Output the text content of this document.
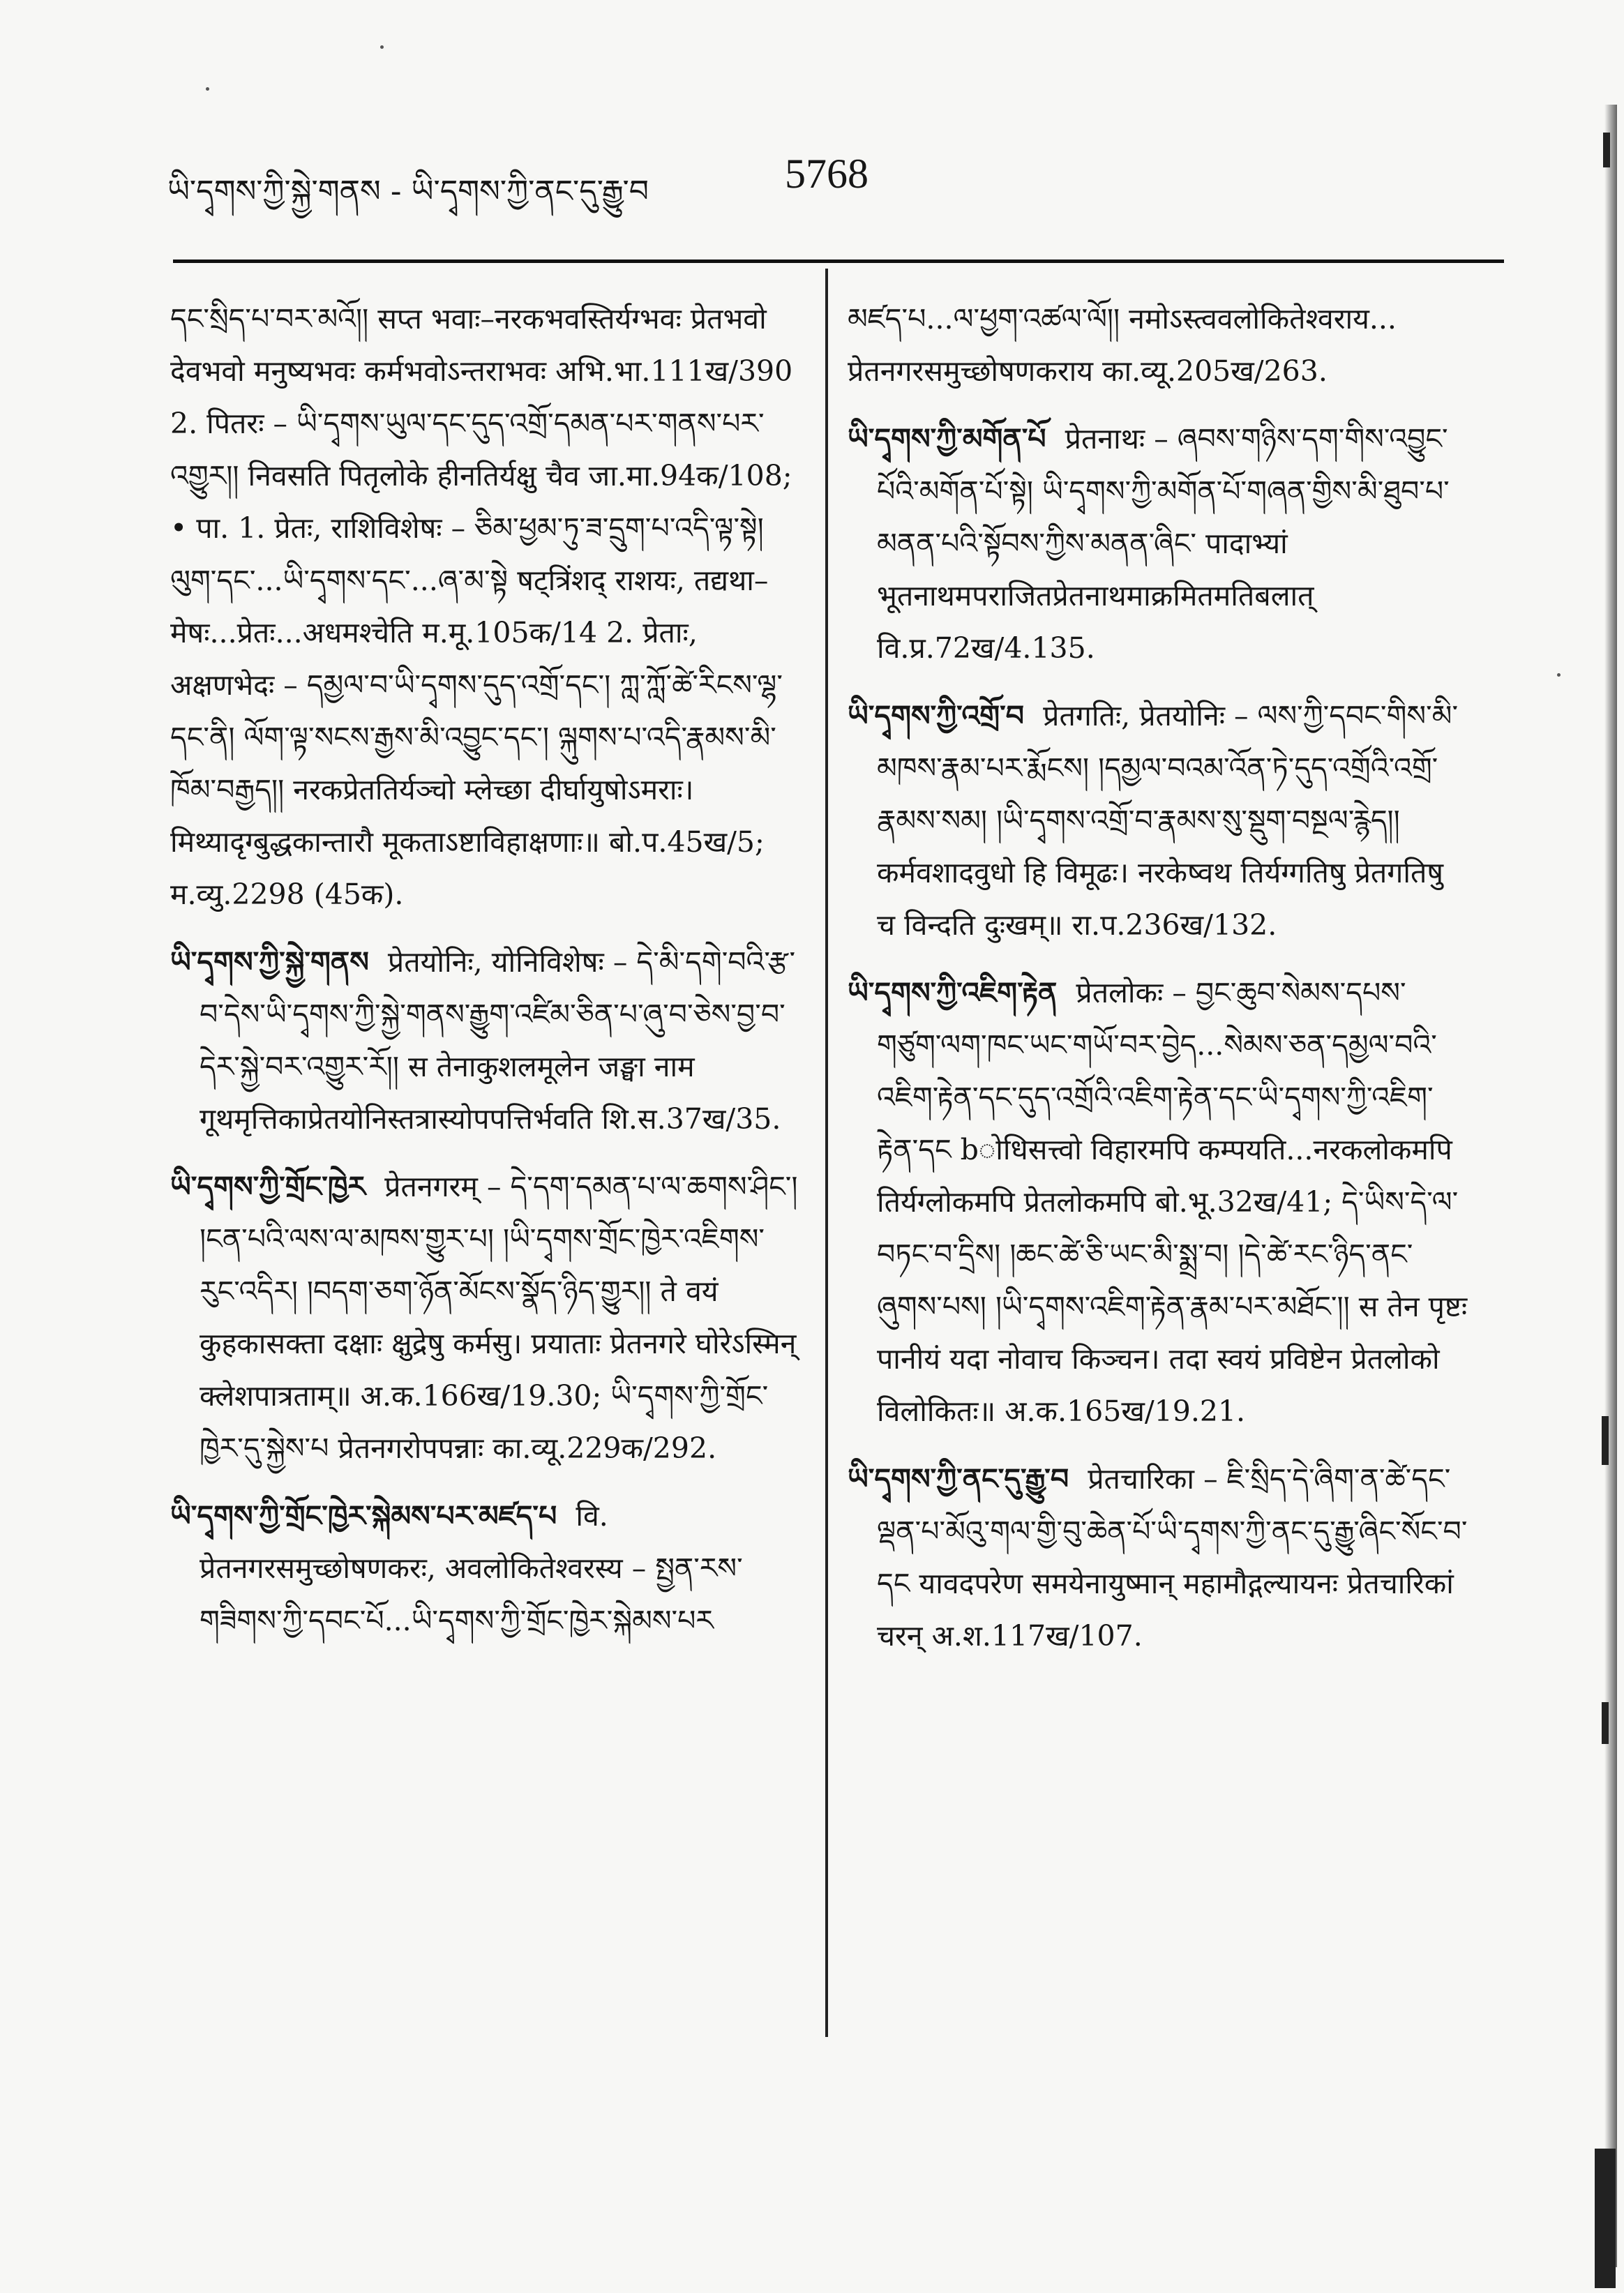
ཡི་དྭགས་ཀྱི་སྐྱེ་གནས - ཡི་དྭགས་ཀྱི་ནང་དུ་རྒྱུ་བ	5768
དང་སྲིད་པ་བར་མའོ།། सप्त भवाः–नरकभवस्तिर्यग्भवः प्रेतभवो देवभवो मनुष्यभवः कर्मभवोऽन्तराभवः अभि.भा.111ख/390 2. पितरः – ཡི་དྭགས་ཡུལ་དང་དུད་འགྲོ་དམན་པར་གནས་པར་འགྱུར།། निवसति पितृलोके हीनतिर्यक्षु चैव जा.मा.94क/108; • पा. 1. प्रेतः, राशिविशेषः – ཅིམ་ཕྱམ་ཏུ་ཟ་དྲུག་པ་འདི་ལྟ་སྟེ། ལུག་དང་...ཡི་དྭགས་དང་...ཞ་མ་སྟེ षट्त्रिंशद् राशयः, तद्यथा–मेषः...प्रेतः...अधमश्चेति म.मू.105क/14 2. प्रेताः, अक्षणभेदः – དམྱལ་བ་ཡི་དྭགས་དུད་འགྲོ་དང་། ཀླ་ཀློ་ཚེ་རིངས་ལྷ་དང་ནི། ལོག་ལྟ་སངས་རྒྱས་མི་འབྱུང་དང་། ལྐུགས་པ་འདི་རྣམས་མི་ཁོམ་བརྒྱད།། नरकप्रेततिर्यञ्चो म्लेच्छा दीर्घायुषोऽमराः। मिथ्यादृग्बुद्धकान्तारौ मूकताऽष्टाविहाक्षणाः॥ बो.प.45ख/5; म.व्यु.2298 (45क).
ཡི་དྭགས་ཀྱི་སྐྱེ་གནས प्रेतयोनिः, योनिविशेषः – དེ་མི་དགེ་བའི་རྩ་བ་དེས་ཡི་དྭགས་ཀྱི་སྐྱེ་གནས་རྒྱུག་འཛིམ་ཅིན་པ་ཞུ་བ་ཅེས་བྱ་བ་དེར་སྐྱེ་བར་འགྱུར་རོ།། स तेनाकुशलमूलेन जङ्घा नाम गूथमृत्तिकाप्रेतयोनिस्तत्रास्योपपत्तिर्भवति शि.स.37ख/35.
ཡི་དྭགས་ཀྱི་གྲོང་ཁྱེར प्रेतनगरम् – དེ་དག་དམན་པ་ལ་ཆགས་ཤིང་། །ངན་པའི་ལས་ལ་མཁས་གྱུར་པ། །ཡི་དྭགས་གྲོང་ཁྱེར་འཇིགས་རུང་འདིར། །བདག་ཅག་ཉོན་མོངས་སྣོད་ཉིད་གྱུར།། ते वयं कुहकासक्ता दक्षाः क्षुद्रेषु कर्मसु। प्रयाताः प्रेतनगरे घोरेऽस्मिन् क्लेशपात्रताम्॥ अ.क.166ख/19.30; ཡི་དྭགས་ཀྱི་གྲོང་ཁྱེར་དུ་སྐྱེས་པ प्रेतनगरोपपन्नाः का.व्यू.229क/292.
ཡི་དྭགས་ཀྱི་གྲོང་ཁྱེར་སྐེམས་པར་མཛད་པ वि. प्रेतनगरसमुच्छोषणकरः, अवलोकितेश्वरस्य – སྤྱན་རས་གཟིགས་ཀྱི་དབང་པོ...ཡི་དྭགས་ཀྱི་གྲོང་ཁྱེར་སྐེམས་པར
མཛད་པ...ལ་ཕྱག་འཚལ་ལོ།། नमोऽस्त्ववलोकितेश्वराय... प्रेतनगरसमुच्छोषणकराय का.व्यू.205ख/263.
ཡི་དྭགས་ཀྱི་མགོན་པོ प्रेतनाथः – ཞབས་གཉིས་དག་གིས་འབྱུང་པོའི་མགོན་པོ་སྟེ། ཡི་དྭགས་ཀྱི་མགོན་པོ་གཞན་གྱིས་མི་ཐུབ་པ་མནན་པའི་སྟོབས་ཀྱིས་མནན་ཞིང་ पादाभ्यां भूतनाथमपराजितप्रेतनाथमाक्रमितमतिबलात् वि.प्र.72ख/4.135.
ཡི་དྭགས་ཀྱི་འགྲོ་བ प्रेतगतिः, प्रेतयोनिः – ལས་ཀྱི་དབང་གིས་མི་མཁས་རྣམ་པར་རྨོངས། །དམྱལ་བའམ་འོན་ཏེ་དུད་འགྲོའི་འགྲོ་རྣམས་སམ། །ཡི་དྭགས་འགྲོ་བ་རྣམས་སུ་སྡུག་བསྔལ་རྙེད།། कर्मवशादवुधो हि विमूढः। नरकेष्वथ तिर्यग्गतिषु प्रेतगतिषु च विन्दति दुःखम्॥ रा.प.236ख/132.
ཡི་དྭགས་ཀྱི་འཇིག་རྟེན प्रेतलोकः – བྱང་ཆུབ་སེམས་དཔས་གཙུག་ལག་ཁང་ཡང་གཡོ་བར་བྱེད...སེམས་ཅན་དམྱལ་བའི་འཇིག་རྟེན་དང་དུད་འགྲོའི་འཇིག་རྟེན་དང་ཡི་དྭགས་ཀྱི་འཇིག་རྟེན་དང bोधिसत्त्वो विहारमपि कम्पयति...नरकलोकमपि तिर्यग्लोकमपि प्रेतलोकमपि बो.भू.32ख/41; དེ་ཡིས་དེ་ལ་བཏང་བ་དྲིས། །ཆང་ཚེ་ཅི་ཡང་མི་སྨྲ་བ། །དེ་ཚེ་རང་ཉིད་ནང་ཞུགས་པས། །ཡི་དྭགས་འཇིག་རྟེན་རྣམ་པར་མཐོང་།། स तेन पृष्टः पानीयं यदा नोवाच किञ्चन। तदा स्वयं प्रविष्टेन प्रेतलोको विलोकितः॥ अ.क.165ख/19.21.
ཡི་དྭགས་ཀྱི་ནང་དུ་རྒྱུ་བ प्रेतचारिका – ཇི་སྲིད་དེ་ཞིག་ན་ཚེ་དང་ལྡན་པ་མོའུ་གལ་གྱི་བུ་ཆེན་པོ་ཡི་དྭགས་ཀྱི་ནང་དུ་རྒྱུ་ཞིང་སོང་བ་དང यावदपरेण समयेनायुष्मान् महामौद्गल्यायनः प्रेतचारिकां चरन् अ.श.117ख/107.
